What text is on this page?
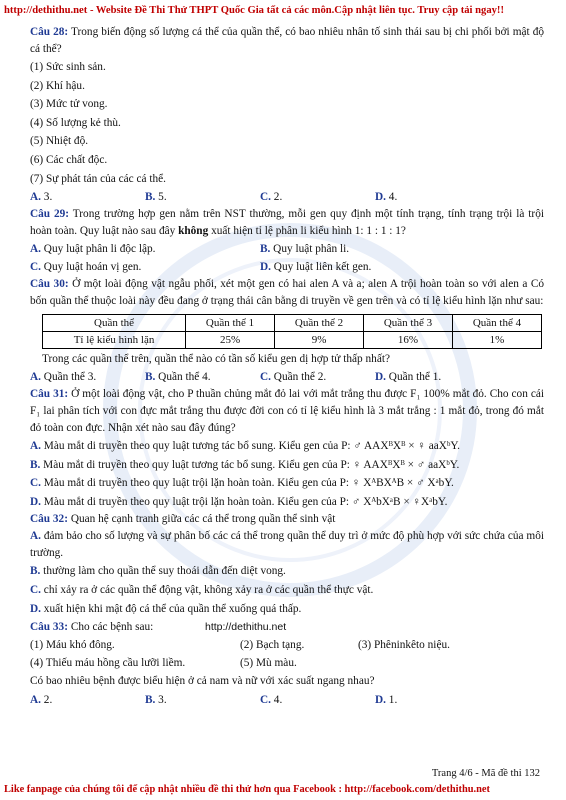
http://dethithu.net - Website Đề Thi Thử THPT Quốc Gia tất cả các môn.Cập nhật liên tục. Truy cập tải ngay!!
Câu 28: Trong biến động số lượng cá thể của quần thể, có bao nhiêu nhân tố sinh thái sau bị chi phối bởi mật độ cá thể?
(1) Sức sinh sản.
(2) Khí hậu.
(3) Mức tử vong.
(4) Số lượng kẻ thù.
(5) Nhiệt độ.
(6) Các chất độc.
(7) Sự phát tán của các cá thể.
A. 3.	B. 5.	C. 2.	D. 4.
Câu 29: Trong trường hợp gen nằm trên NST thường, mỗi gen quy định một tính trạng, tính trạng trội là trội hoàn toàn. Quy luật nào sau đây không xuất hiện tỉ lệ phân li kiểu hình 1: 1 : 1 : 1?
A. Quy luật phân li độc lập.	B. Quy luật phân li.
C. Quy luật hoán vị gen.	D. Quy luật liên kết gen.
Câu 30: Ở một loài động vật ngẫu phối, xét một gen có hai alen A và a; alen A trội hoàn toàn so với alen a Có bốn quần thể thuộc loài này đều đang ở trạng thái cân bằng di truyền về gen trên và có tỉ lệ kiểu hình lặn như sau:
Quần thể	Quần thể 1	Quần thể 2	Quần thể 3	Quần thể 4
Tỉ lệ kiểu hình lặn	25%	9%	16%	1%
Trong các quần thể trên, quần thể nào có tần số kiểu gen dị hợp tử thấp nhất?
A. Quần thể 3.	B. Quần thể 4.	C. Quần thể 2.	D. Quần thể 1.
Câu 31: Ở một loài động vật, cho P thuần chủng mắt đỏ lai với mắt trắng thu được F₁ 100% mắt đỏ. Cho con cái F₁ lai phân tích với con đực mắt trắng thu được đời con có tỉ lệ kiểu hình là 3 mắt trắng : 1 mắt đỏ, trong đó mắt đỏ toàn con đực. Nhận xét nào sau đây đúng?
A. Màu mắt di truyền theo quy luật tương tác bổ sung. Kiểu gen của P: ♂ AAXᴮXᴮ × ♀ aaXᵇY.
B. Màu mắt di truyền theo quy luật tương tác bổ sung. Kiểu gen của P: ♀ AAXᴮXᴮ × ♂ aaXᵇY.
C. Màu mắt di truyền theo quy luật trội lặn hoàn toàn. Kiểu gen của P: ♀ XᴬBXᴬB × ♂ XᵃbY.
D. Màu mắt di truyền theo quy luật trội lặn hoàn toàn. Kiểu gen của P: ♂ XᴬbXᵃB × ♀XᵃbY.
Câu 32: Quan hệ cạnh tranh giữa các cá thể trong quần thể sinh vật
A. đảm bảo cho số lượng và sự phân bố các cá thể trong quần thể duy trì ở mức độ phù hợp với sức chứa của môi trường.
B. thường làm cho quần thể suy thoái dẫn đến diệt vong.
C. chỉ xảy ra ở các quần thể động vật, không xảy ra ở các quần thể thực vật.
D. xuất hiện khi mật độ cá thể của quần thể xuống quá thấp.
Câu 33: Cho các bệnh sau:	http://dethithu.net
(1) Máu khó đông.	(2) Bạch tạng.	(3) Phêninkêto niệu.
(4) Thiếu máu hồng cầu lưỡi liềm.	(5) Mù màu.
Có bao nhiêu bệnh được biểu hiện ở cả nam và nữ với xác suất ngang nhau?
A. 2.	B. 3.	C. 4.	D. 1.
Trang 4/6 - Mã đề thi 132
Like fanpage của chúng tôi để cập nhật nhiều đề thi thử hơn qua Facebook : http://facebook.com/dethithu.net
